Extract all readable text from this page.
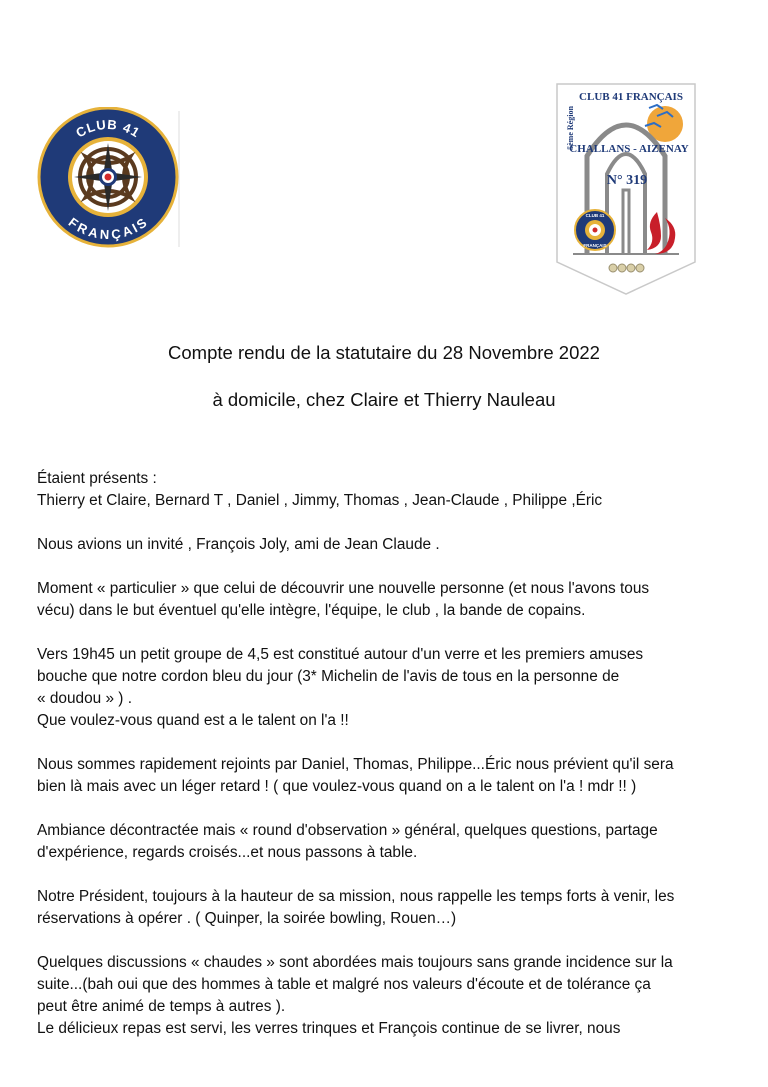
CLUB 41
FRANÇAIS
5ème Région
CLUB 41 FRANÇAIS
CHALLANS - AIZENAY
N° 319
CLUB 41
FRANÇAIS
Compte rendu de la statutaire du 28 Novembre 2022
à domicile, chez Claire et Thierry Nauleau

Étaient présents :
Thierry et Claire, Bernard T , Daniel , Jimmy, Thomas , Jean-Claude , Philippe ,Éric

Nous avions un invité , François Joly, ami de Jean Claude .

Moment « particulier » que celui de découvrir une nouvelle personne (et nous l'avons tous
vécu) dans le but éventuel qu'elle intègre, l'équipe, le club , la bande de copains.

Vers 19h45 un petit groupe de 4,5 est constitué autour d'un verre et les premiers amuses
bouche que notre cordon bleu du jour (3* Michelin de l'avis de tous en la personne de
« doudou » ) .
Que voulez-vous quand est a le talent on l'a !!

Nous sommes rapidement rejoints par Daniel, Thomas, Philippe...Éric nous prévient qu'il sera
bien là mais avec un léger retard ! ( que voulez-vous quand on a le talent on l'a ! mdr !! )

Ambiance décontractée mais « round d'observation » général, quelques questions, partage
d'expérience, regards croisés...et nous passons à table.

Notre Président, toujours à la hauteur de sa mission, nous rappelle les temps forts à venir, les
réservations à opérer . ( Quinper, la soirée bowling, Rouen…)

Quelques discussions « chaudes » sont abordées mais toujours sans grande incidence sur la
suite...(bah oui que des hommes à table et malgré nos valeurs d'écoute et de tolérance ça
peut être animé de temps à autres ).
Le délicieux repas est servi, les verres trinques et François continue de se livrer, nous
